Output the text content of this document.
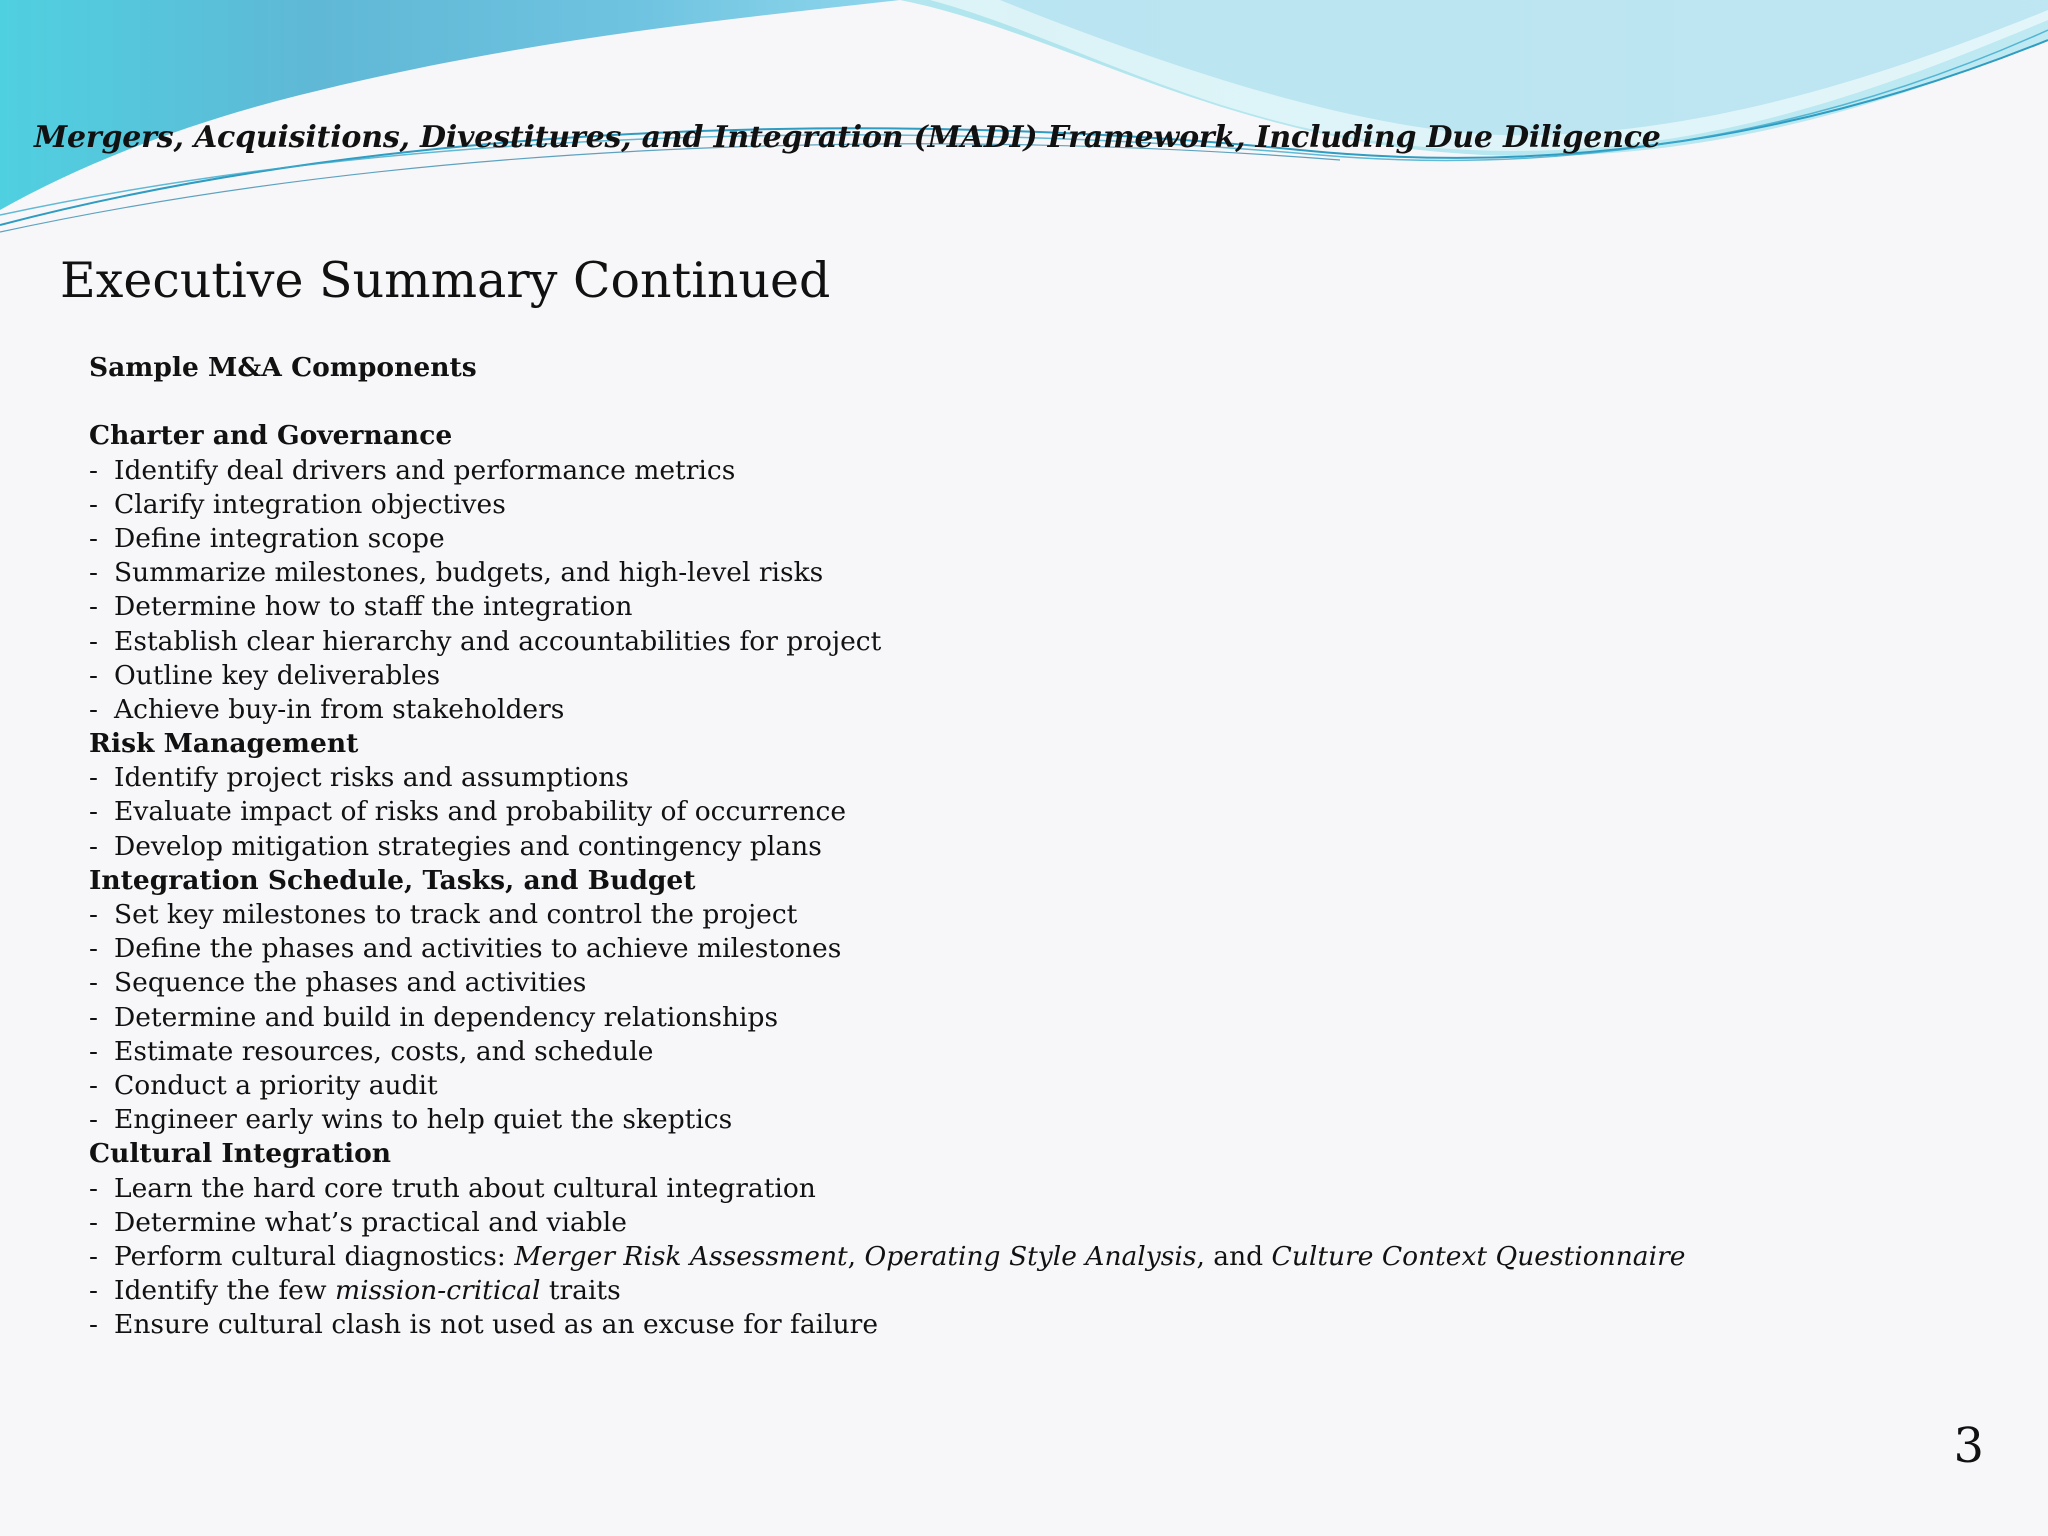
Mergers, Acquisitions, Divestitures, and Integration (MADI) Framework, Including Due Diligence
Executive Summary Continued
Sample M&A Components
Charter and Governance
- Identify deal drivers and performance metrics
- Clarify integration objectives
- Define integration scope
- Summarize milestones, budgets, and high-level risks
- Determine how to staff the integration
- Establish clear hierarchy and accountabilities for project
- Outline key deliverables
- Achieve buy-in from stakeholders
Risk Management
- Identify project risks and assumptions
- Evaluate impact of risks and probability of occurrence
- Develop mitigation strategies and contingency plans
Integration Schedule, Tasks, and Budget
- Set key milestones to track and control the project
- Define the phases and activities to achieve milestones
- Sequence the phases and activities
- Determine and build in dependency relationships
- Estimate resources, costs, and schedule
- Conduct a priority audit
- Engineer early wins to help quiet the skeptics
Cultural Integration
- Learn the hard core truth about cultural integration
- Determine what’s practical and viable
- Perform cultural diagnostics: Merger Risk Assessment, Operating Style Analysis, and Culture Context Questionnaire
- Identify the few mission-critical traits
- Ensure cultural clash is not used as an excuse for failure
3
